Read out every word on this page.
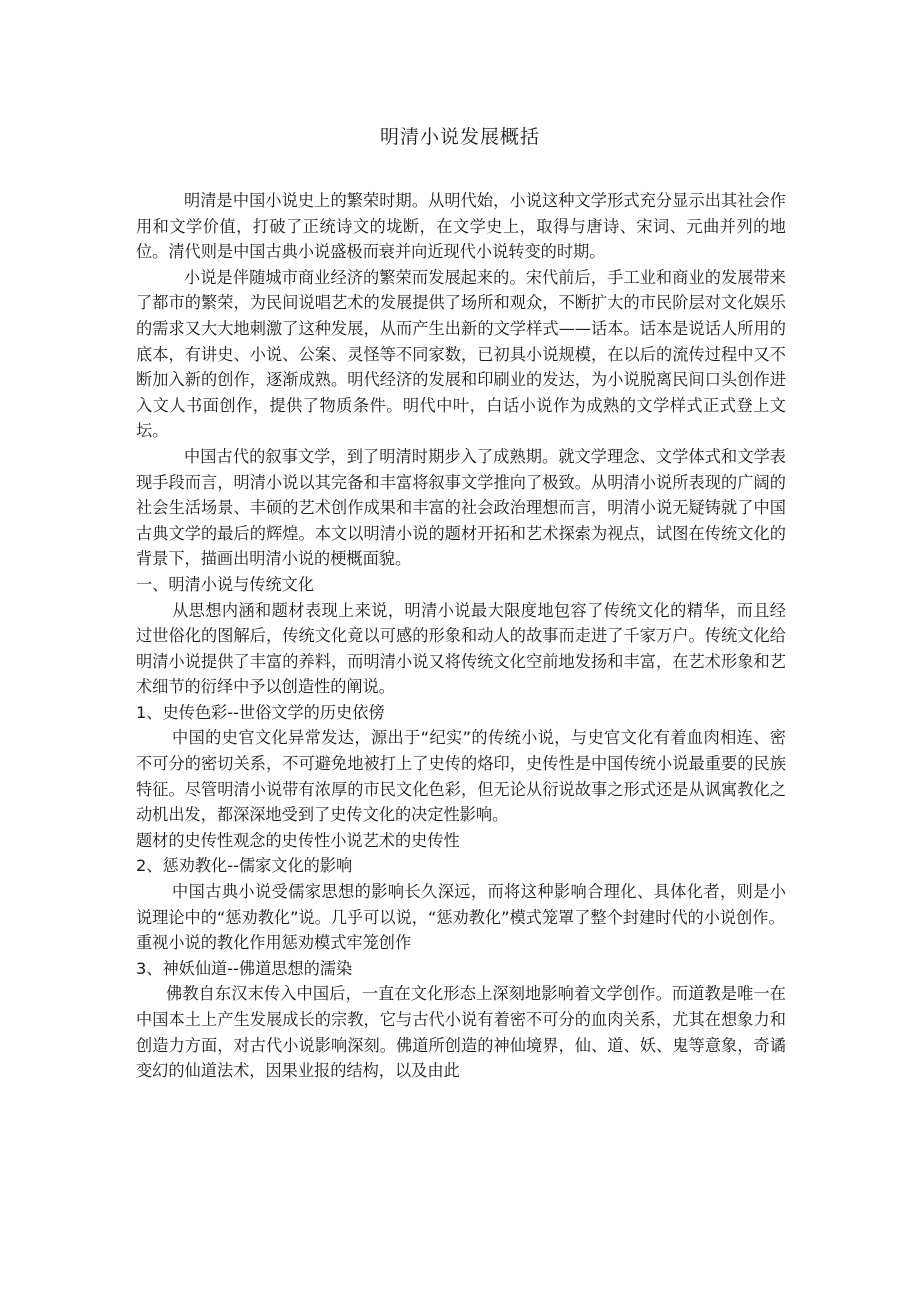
明清小说发展概括

明清是中国小说史上的繁荣时期。从明代始，小说这种文学形式充分显示出其社会作用和文学价值，打破了正统诗文的垅断，在文学史上，取得与唐诗、宋词、元曲并列的地位。清代则是中国古典小说盛极而衰并向近现代小说转变的时期。

小说是伴随城市商业经济的繁荣而发展起来的。宋代前后，手工业和商业的发展带来了都市的繁荣，为民间说唱艺术的发展提供了场所和观众，不断扩大的市民阶层对文化娱乐的需求又大大地刺激了这种发展，从而产生出新的文学样式——话本。话本是说话人所用的底本，有讲史、小说、公案、灵怪等不同家数，已初具小说规模，在以后的流传过程中又不断加入新的创作，逐渐成熟。明代经济的发展和印刷业的发达，为小说脱离民间口头创作进入文人书面创作，提供了物质条件。明代中叶，白话小说作为成熟的文学样式正式登上文坛。

中国古代的叙事文学，到了明清时期步入了成熟期。就文学理念、文学体式和文学表现手段而言，明清小说以其完备和丰富将叙事文学推向了极致。从明清小说所表现的广阔的社会生活场景、丰硕的艺术创作成果和丰富的社会政治理想而言，明清小说无疑铸就了中国古典文学的最后的辉煌。本文以明清小说的题材开拓和艺术探索为视点，试图在传统文化的背景下，描画出明清小说的梗概面貌。

一、明清小说与传统文化

从思想内涵和题材表现上来说，明清小说最大限度地包容了传统文化的精华，而且经过世俗化的图解后，传统文化竟以可感的形象和动人的故事而走进了千家万户。传统文化给明清小说提供了丰富的养料，而明清小说又将传统文化空前地发扬和丰富，在艺术形象和艺术细节的衍绎中予以创造性的阐说。

1、史传色彩--世俗文学的历史依傍

中国的史官文化异常发达，源出于“纪实”的传统小说，与史官文化有着血肉相连、密不可分的密切关系，不可避免地被打上了史传的烙印，史传性是中国传统小说最重要的民族特征。尽管明清小说带有浓厚的市民文化色彩，但无论从衍说故事之形式还是从讽寓教化之动机出发，都深深地受到了史传文化的决定性影响。

题材的史传性观念的史传性小说艺术的史传性

2、惩劝教化--儒家文化的影响

中国古典小说受儒家思想的影响长久深远，而将这种影响合理化、具体化者，则是小说理论中的“惩劝教化”说。几乎可以说，“惩劝教化”模式笼罩了整个封建时代的小说创作。

重视小说的教化作用惩劝模式牢笼创作

3、神妖仙道--佛道思想的濡染

佛教自东汉末传入中国后，一直在文化形态上深刻地影响着文学创作。而道教是唯一在中国本土上产生发展成长的宗教，它与古代小说有着密不可分的血肉关系，尤其在想象力和创造力方面，对古代小说影响深刻。佛道所创造的神仙境界，仙、道、妖、鬼等意象，奇谲变幻的仙道法术，因果业报的结构，以及由此
